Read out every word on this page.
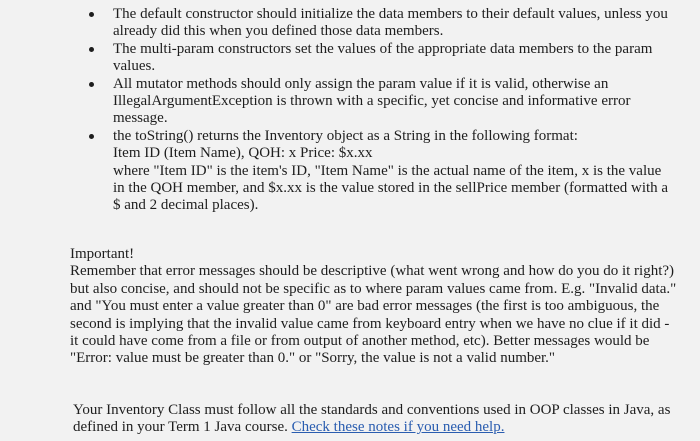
The default constructor should initialize the data members to their default values, unless you already did this when you defined those data members.
The multi-param constructors set the values of the appropriate data members to the param values.
All mutator methods should only assign the param value if it is valid, otherwise an IllegalArgumentException is thrown with a specific, yet concise and informative error message.
the toString() returns the Inventory object as a String in the following format:
Item ID (Item Name), QOH: x Price: $x.xx
where "Item ID" is the item's ID, "Item Name" is the actual name of the item, x is the value in the QOH member, and $x.xx is the value stored in the sellPrice member (formatted with a $ and 2 decimal places).

Important!

Remember that error messages should be descriptive (what went wrong and how do you do it right?) but also concise, and should not be specific as to where param values came from. E.g. "Invalid data." and "You must enter a value greater than 0" are bad error messages (the first is too ambiguous, the second is implying that the invalid value came from keyboard entry when we have no clue if it did - it could have come from a file or from output of another method, etc). Better messages would be "Error: value must be greater than 0." or "Sorry, the value is not a valid number."

Your Inventory Class must follow all the standards and conventions used in OOP classes in Java, as defined in your Term 1 Java course. Check these notes if you need help.
